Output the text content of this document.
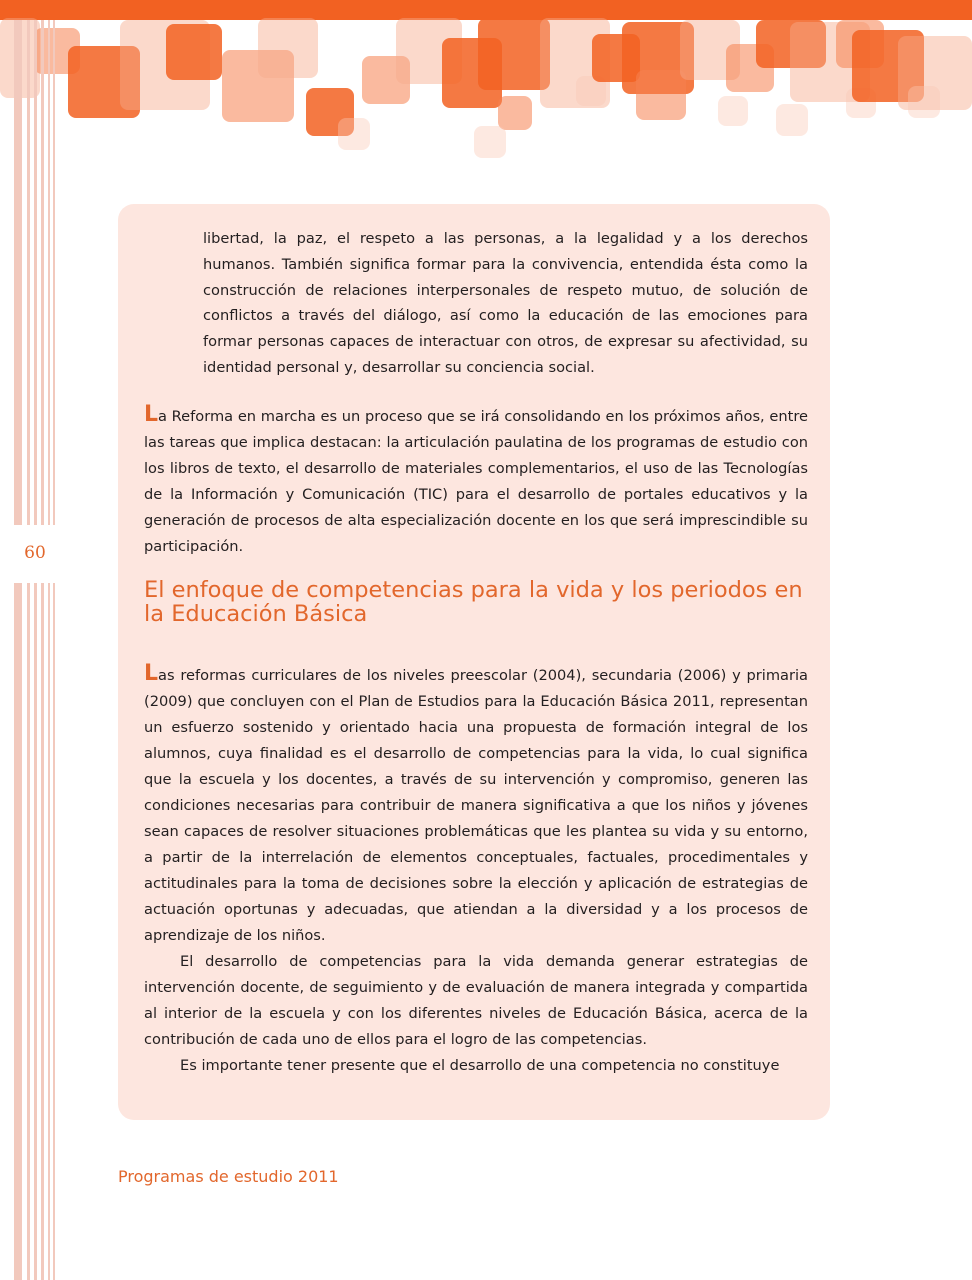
60

libertad, la paz, el respeto a las personas, a la legalidad y a los derechos humanos. También significa formar para la convivencia, entendida ésta como la construcción de relaciones interpersonales de respeto mutuo, de solución de conflictos a través del diálogo, así como la educación de las emociones para formar personas capaces de interactuar con otros, de expresar su afectividad, su identidad personal y, desarrollar su conciencia social.

La Reforma en marcha es un proceso que se irá consolidando en los próximos años, entre las tareas que implica destacan: la articulación paulatina de los programas de estudio con los libros de texto, el desarrollo de materiales complementarios, el uso de las Tecnologías de la Información y Comunicación (TIC) para el desarrollo de portales educativos y la generación de procesos de alta especialización docente en los que será imprescindible su participación.

El enfoque de competencias para la vida y los periodos en la Educación Básica

Las reformas curriculares de los niveles preescolar (2004), secundaria (2006) y primaria (2009) que concluyen con el Plan de Estudios para la Educación Básica 2011, representan un esfuerzo sostenido y orientado hacia una propuesta de formación integral de los alumnos, cuya finalidad es el desarrollo de competencias para la vida, lo cual significa que la escuela y los docentes, a través de su intervención y compromiso, generen las condiciones necesarias para contribuir de manera significativa a que los niños y jóvenes sean capaces de resolver situaciones problemáticas que les plantea su vida y su entorno, a partir de la interrelación de elementos conceptuales, factuales, procedimentales y actitudinales para la toma de decisiones sobre la elección y aplicación de estrategias de actuación oportunas y adecuadas, que atiendan a la diversidad y a los procesos de aprendizaje de los niños.

El desarrollo de competencias para la vida demanda generar estrategias de intervención docente, de seguimiento y de evaluación de manera integrada y compartida al interior de la escuela y con los diferentes niveles de Educación Básica, acerca de la contribución de cada uno de ellos para el logro de las competencias.

Es importante tener presente que el desarrollo de una competencia no constituye

Programas de estudio 2011
